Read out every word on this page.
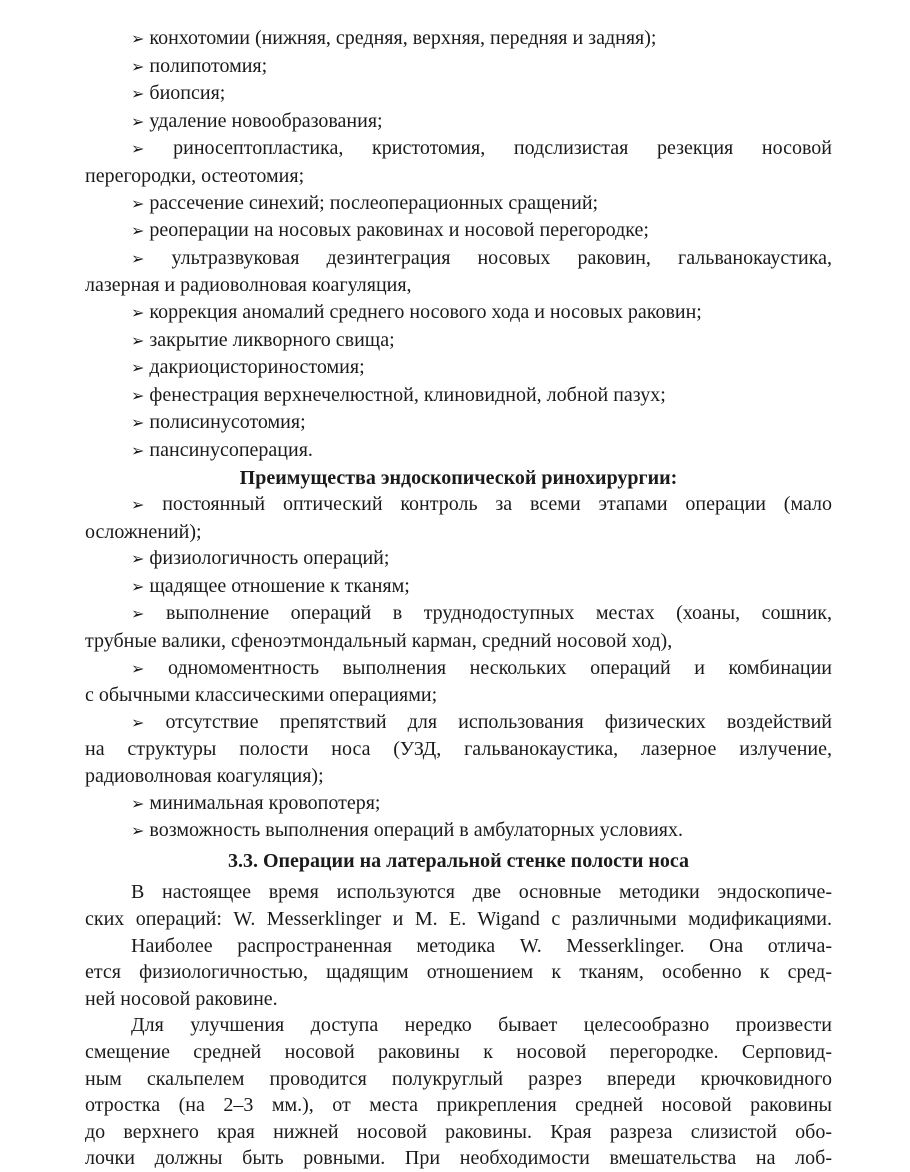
➢ конхотомии (нижняя, средняя, верхняя, передняя и задняя);
➢ полипотомия;
➢ биопсия;
➢ удаление новообразования;
➢ риносептопластика, кристотомия, подслизистая резекция носовой
перегородки, остеотомия;
➢ рассечение синехий; послеоперационных сращений;
➢ реоперации на носовых раковинах и носовой перегородке;
➢ ультразвуковая дезинтеграция носовых раковин, гальванокаустика,
лазерная и радиоволновая коагуляция,
➢ коррекция аномалий среднего носового хода и носовых раковин;
➢ закрытие ликворного свища;
➢ дакриоцисториностомия;
➢ фенестрация верхнечелюстной, клиновидной, лобной пазух;
➢ полисинусотомия;
➢ пансинусоперация.
Преимущества эндоскопической ринохирургии:
➢ постоянный оптический контроль за всеми этапами операции (мало
осложнений);
➢ физиологичность операций;
➢ щадящее отношение к тканям;
➢ выполнение операций в труднодоступных местах (хоаны, сошник,
трубные валики, сфеноэтмондальный карман, средний носовой ход),
➢ одномоментность выполнения нескольких операций и комбинации
с обычными классическими операциями;
➢ отсутствие препятствий для использования физических воздействий
на структуры полости носа (УЗД, гальванокаустика, лазерное излучение,
радиоволновая коагуляция);
➢ минимальная кровопотеря;
➢ возможность выполнения операций в амбулаторных условиях.
3.3. Операции на латеральной стенке полости носа
В настоящее время используются две основные методики эндоскопиче-
ских операций: W. Messerklinger и M. E. Wigand с различными модификациями.
Наиболее распространенная методика W. Messerklinger. Она отлича-
ется физиологичностью, щадящим отношением к тканям, особенно к сред-
ней носовой раковине.
Для улучшения доступа нередко бывает целесообразно произвести
смещение средней носовой раковины к носовой перегородке. Серповид-
ным скальпелем проводится полукруглый разрез впереди крючковидного
отростка (на 2–3 мм.), от места прикрепления средней носовой раковины
до верхнего края нижней носовой раковины. Края разреза слизистой обо-
лочки должны быть ровными. При необходимости вмешательства на лоб-
